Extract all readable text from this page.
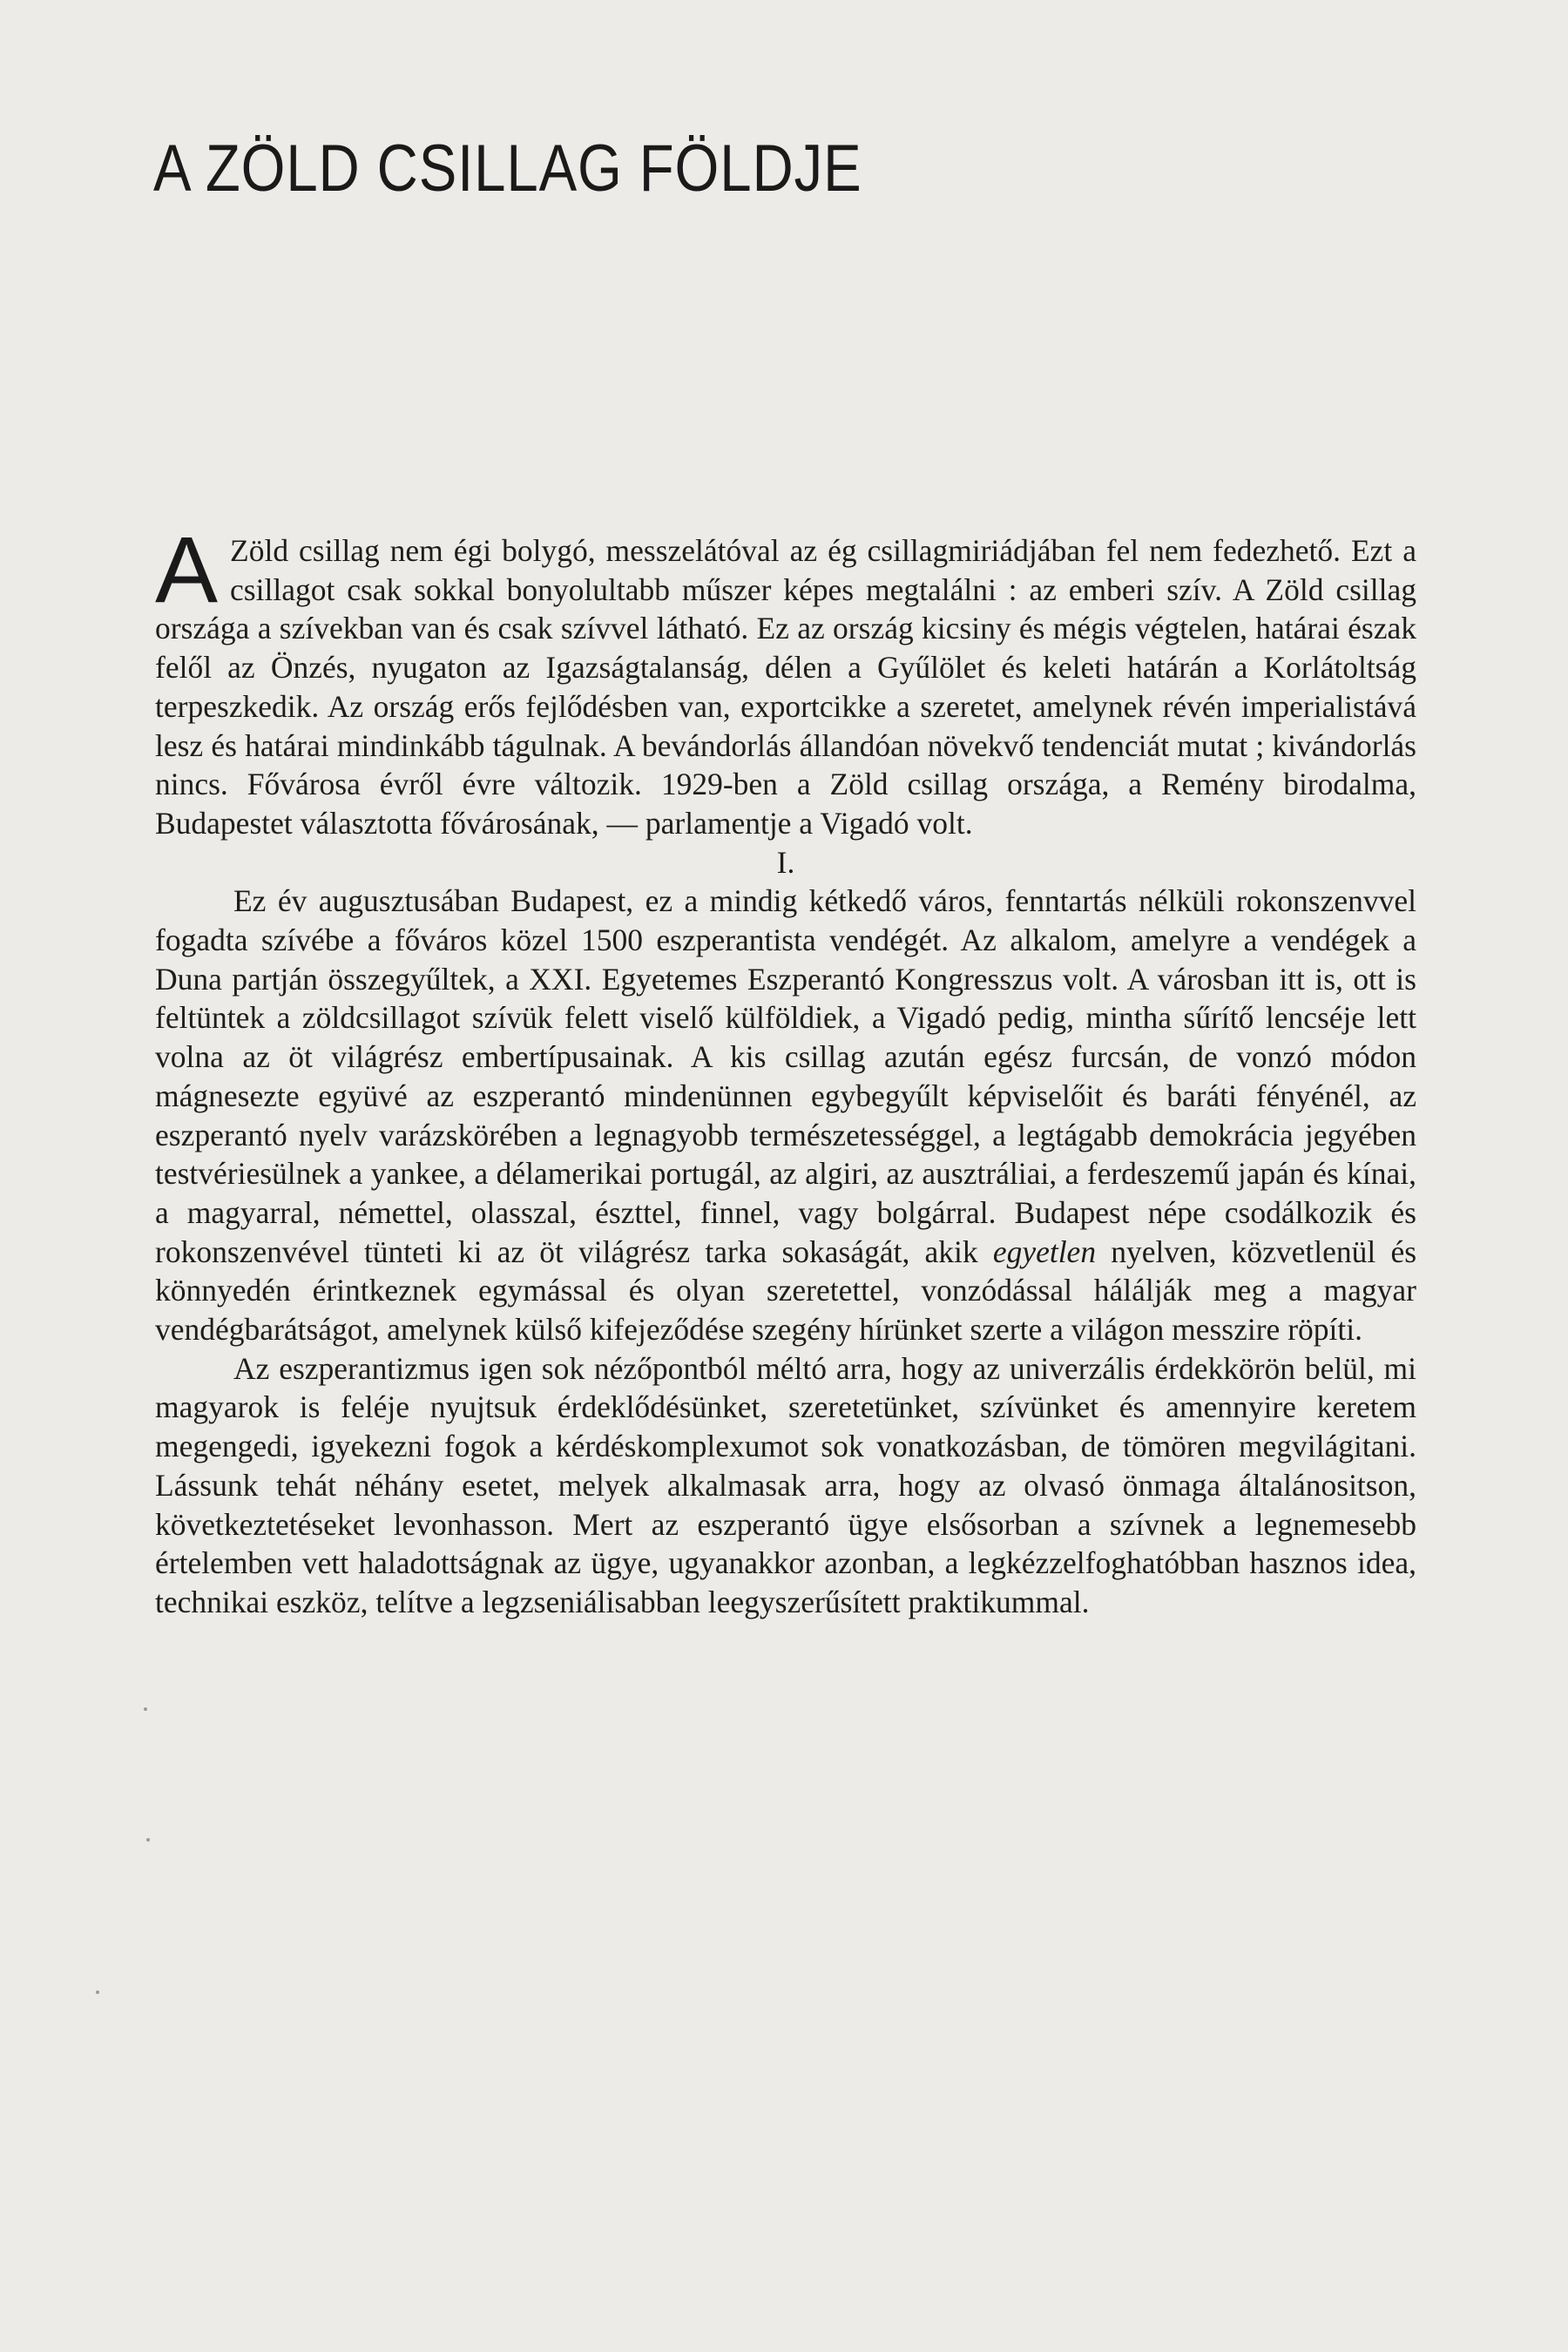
A ZÖLD CSILLAG FÖLDJE

A Zöld csillag nem égi bolygó, messzelátóval az ég csillagmiriádjában fel nem fedezhető. Ezt a csillagot csak sokkal bonyolultabb műszer képes megtalálni : az emberi szív. A Zöld csillag országa a szívekban van és csak szívvel látható. Ez az ország kicsiny és mégis végtelen, határai észak felől az Önzés, nyugaton az Igazságtalanság, délen a Gyűlölet és keleti határán a Korlátoltság terpeszkedik. Az ország erős fejlődésben van, exportcikke a szeretet, amelynek révén imperialistává lesz és határai mindinkább tágulnak. A bevándorlás állandóan növekvő tendenciát mutat ; kivándorlás nincs. Fővárosa évről évre változik. 1929-ben a Zöld csillag országa, a Remény birodalma, Budapestet választotta fővárosának, — parlamentje a Vigadó volt.

I.

Ez év augusztusában Budapest, ez a mindig kétkedő város, fenntartás nélküli rokonszenvvel fogadta szívébe a főváros közel 1500 eszperantista vendégét. Az alkalom, amelyre a vendégek a Duna partján összegyűltek, a XXI. Egyetemes Eszperantó Kongresszus volt. A városban itt is, ott is feltüntek a zöldcsillagot szívük felett viselő külföldiek, a Vigadó pedig, mintha sűrítő lencséje lett volna az öt világrész embertípusainak. A kis csillag azután egész furcsán, de vonzó módon mágnesezte együvé az eszperantó mindenünnen egybegyűlt képviselőit és baráti fényénél, az eszperantó nyelv varázskörében a legnagyobb természetességgel, a legtágabb demokrácia jegyében testvériesülnek a yankee, a délamerikai portugál, az algiri, az ausztráliai, a ferdeszemű japán és kínai, a magyarral, némettel, olasszal, észttel, finnel, vagy bolgárral. Budapest népe csodálkozik és rokonszenvével tünteti ki az öt világrész tarka sokaságát, akik egyetlen nyelven, közvetlenül és könnyedén érintkeznek egymással és olyan szeretettel, vonzódással hálálják meg a magyar vendégbarátságot, amelynek külső kifejeződése szegény hírünket szerte a világon messzire röpíti.

Az eszperantizmus igen sok nézőpontból méltó arra, hogy az univerzális érdekkörön belül, mi magyarok is feléje nyujtsuk érdeklődésünket, szeretetünket, szívünket és amennyire keretem megengedi, igyekezni fogok a kérdéskomplexumot sok vonatkozásban, de tömören megvilágitani. Lássunk tehát néhány esetet, melyek alkalmasak arra, hogy az olvasó önmaga általánositson, következtetéseket levonhasson. Mert az eszperantó ügye elsősorban a szívnek a legnemesebb értelemben vett haladottságnak az ügye, ugyanakkor azonban, a legkézzelfoghatóbban hasznos idea, technikai eszköz, telítve a legzseniálisabban leegyszerűsített praktikummal.
